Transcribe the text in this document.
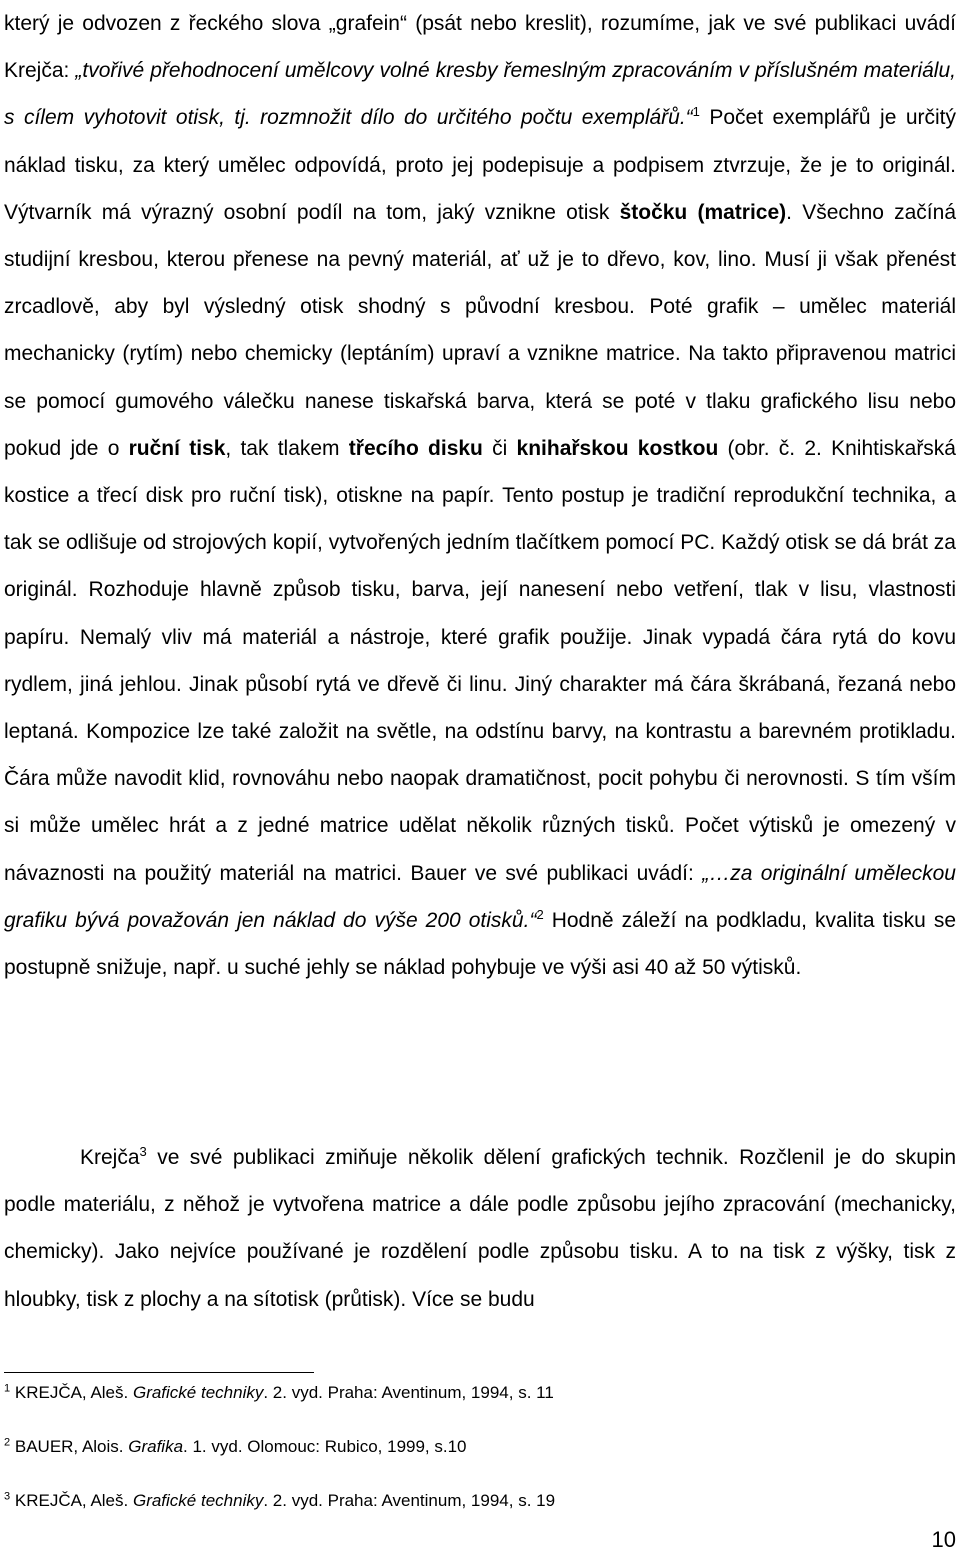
který je odvozen z řeckého slova „grafein“ (psát nebo kreslit), rozumíme, jak ve své publikaci uvádí Krejča: „tvořivé přehodnocení umělcovy volné kresby řemeslným zpracováním v příslušném materiálu, s cílem vyhotovit otisk, tj. rozmnožit dílo do určitého počtu exemplářů.“$^1$ Počet exemplářů je určitý náklad tisku, za který umělec odpovídá, proto jej podepisuje a podpisem ztvrzuje, že je to originál. Výtvarník má výrazný osobní podíl na tom, jaký vznikne otisk štočku (matrice). Všechno začíná studijní kresbou, kterou přenese na pevný materiál, ať už je to dřevo, kov, lino. Musí ji však přenést zrcadlově, aby byl výsledný otisk shodný s původní kresbou. Poté grafik – umělec materiál mechanicky (rytím) nebo chemicky (leptáním) upraví a vznikne matrice. Na takto připravenou matrici se pomocí gumového válečku nanese tiskařská barva, která se poté v tlaku grafického lisu nebo pokud jde o ruční tisk, tak tlakem třecího disku či knihařskou kostkou (obr. č. 2. Knihtiskařská kostice a třecí disk pro ruční tisk), otiskne na papír. Tento postup je tradiční reprodukční technika, a tak se odlišuje od strojových kopií, vytvořených jedním tlačítkem pomocí PC. Každý otisk se dá brát za originál. Rozhoduje hlavně způsob tisku, barva, její nanesení nebo vetření, tlak v lisu, vlastnosti papíru. Nemalý vliv má materiál a nástroje, které grafik použije. Jinak vypadá čára rytá do kovu rydlem, jiná jehlou. Jinak působí rytá ve dřevě či linu. Jiný charakter má čára škrábaná, řezaná nebo leptaná. Kompozice lze také založit na světle, na odstínu barvy, na kontrastu a barevném protikladu. Čára může navodit klid, rovnováhu nebo naopak dramatičnost, pocit pohybu či nerovnosti. S tím vším si může umělec hrát a z jedné matrice udělat několik různých tisků. Počet výtisků je omezený v návaznosti na použitý materiál na matrici. Bauer ve své publikaci uvádí: „…za originální uměleckou grafiku bývá považován jen náklad do výše 200 otisků.“$^2$ Hodně záleží na podkladu, kvalita tisku se postupně snižuje, např. u suché jehly se náklad pohybuje ve výši asi 40 až 50 výtisků.

Krejča$^3$ ve své publikaci zmiňuje několik dělení grafických technik. Rozčlenil je do skupin podle materiálu, z něhož je vytvořena matrice a dále podle způsobu jejího zpracování (mechanicky, chemicky). Jako nejvíce používané je rozdělení podle způsobu tisku. A to na tisk z výšky, tisk z hloubky, tisk z plochy a na sítotisk (průtisk). Více se budu

$^1$ KREJČA, Aleš. Grafické techniky. 2. vyd. Praha: Aventinum, 1994, s. 11
$^2$ BAUER, Alois. Grafika. 1. vyd. Olomouc: Rubico, 1999, s.10
$^3$ KREJČA, Aleš. Grafické techniky. 2. vyd. Praha: Aventinum, 1994, s. 19
10
